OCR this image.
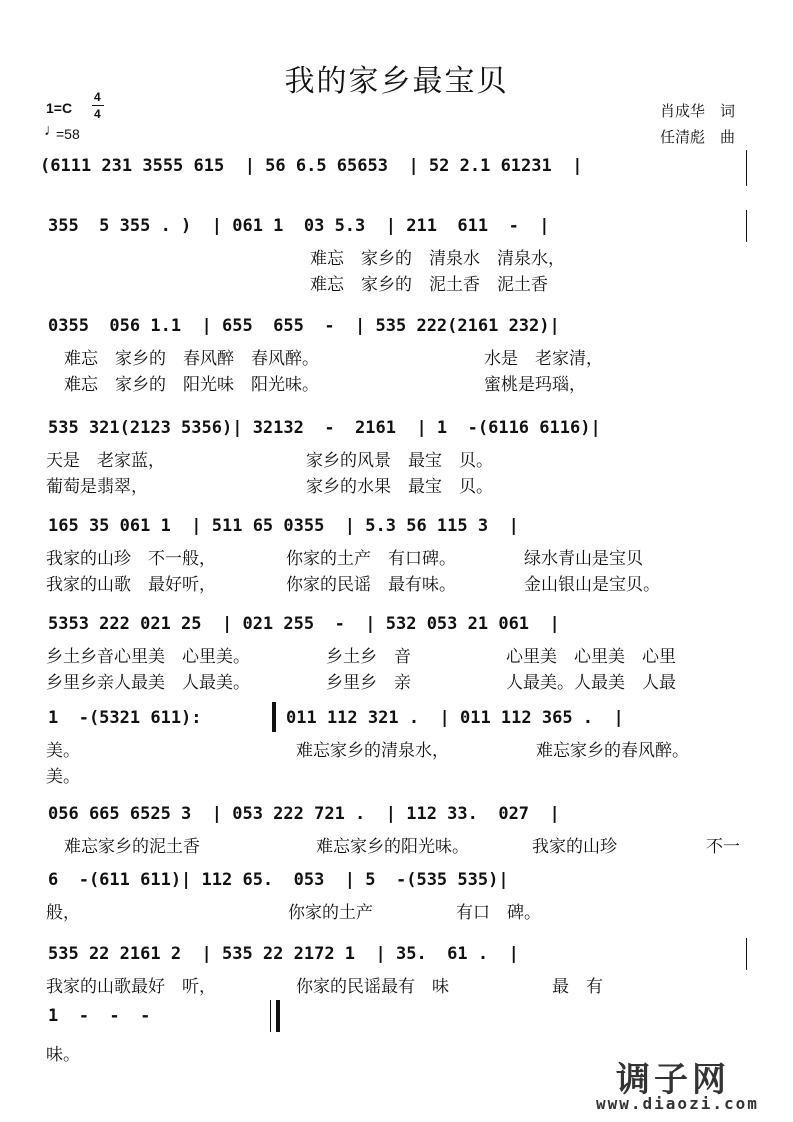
我的家乡最宝贝
肖成华　词
任清彪　曲
1=C
4
4
♩
=58
(6111 231 3555 615  | 56 6.5 65653  | 52 2.1 61231  |
355  5 355 . )  | 061 1  03 5.3  | 211  611  -  |
难忘　家乡的　清泉水　清泉水，
难忘　家乡的　泥土香　泥土香
0355  056 1.1  | 655  655  -  | 535 222(2161 232)|
难忘　家乡的　春风醉　春风醉。	水是　老家清，
难忘　家乡的　阳光味　阳光味。	蜜桃是玛瑙，
535 321(2123 5356)| 32132  -  2161  | 1  -(6116 6116)|
天是　老家蓝，	家乡的风景　最宝　贝。
葡萄是翡翠，	家乡的水果　最宝　贝。
165 35 061 1  | 511 65 0355  | 5.3 56 115 3  |
我家的山珍　不一般，	你家的土产　有口碑。	绿水青山是宝贝
我家的山歌　最好听，	你家的民谣　最有味。	金山银山是宝贝。
5353 222 021 25  | 021 255  -  | 532 053 21 061  |
乡土乡音心里美　心里美。	乡土乡　音	心里美　心里美　心里
乡里乡亲人最美　人最美。	乡里乡　亲	人最美。人最美　人最
1  -(5321 611):	011 112 321 .  | 011 112 365 .  |
美。	难忘家乡的清泉水，	难忘家乡的春风醉。
美。
056 665 6525 3  | 053 222 721 .  | 112 33.  027  |
难忘家乡的泥土香	难忘家乡的阳光味。	我家的山珍	不一
6  -(611 611)| 112 65.  053  | 5  -(535 535)|
般，	你家的土产	有口　碑。
535 22 2161 2  | 535 22 2172 1  | 35.  61 .  |
我家的山歌最好　听，	你家的民谣最有　味	最　有
1  -  -  -
味。
调子网
www.diaozi.com
